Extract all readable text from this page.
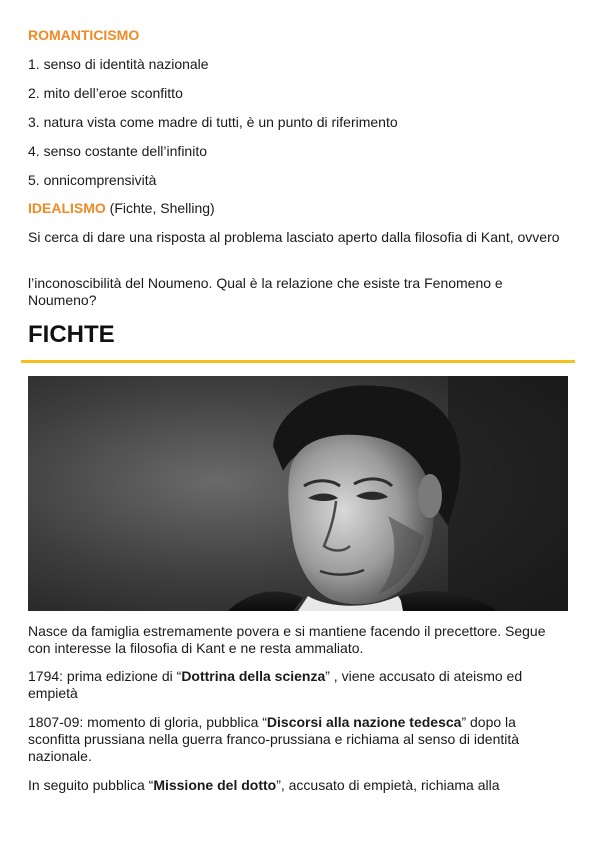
ROMANTICISMO
1. senso di identità nazionale
2. mito dell’eroe sconfitto
3. natura vista come madre di tutti, è un punto di riferimento
4. senso costante dell’infinito
5. onnicomprensività
IDEALISMO (Fichte, Shelling)
Si cerca di dare una risposta al problema lasciato aperto dalla filosofia di Kant, ovvero
l’inconoscibilità del Noumeno. Qual è la relazione che esiste tra Fenomeno e Noumeno?
FICHTE
Nasce da famiglia estremamente povera e si mantiene facendo il precettore. Segue con interesse la filosofia di Kant e ne resta ammaliato.
1794: prima edizione di “Dottrina della scienza” , viene accusato di ateismo ed empietà
1807-09: momento di gloria, pubblica “Discorsi alla nazione tedesca” dopo la sconfitta prussiana nella guerra franco-prussiana e richiama al senso di identità nazionale.
In seguito pubblica “Missione del dotto”, accusato di empietà, richiama alla
